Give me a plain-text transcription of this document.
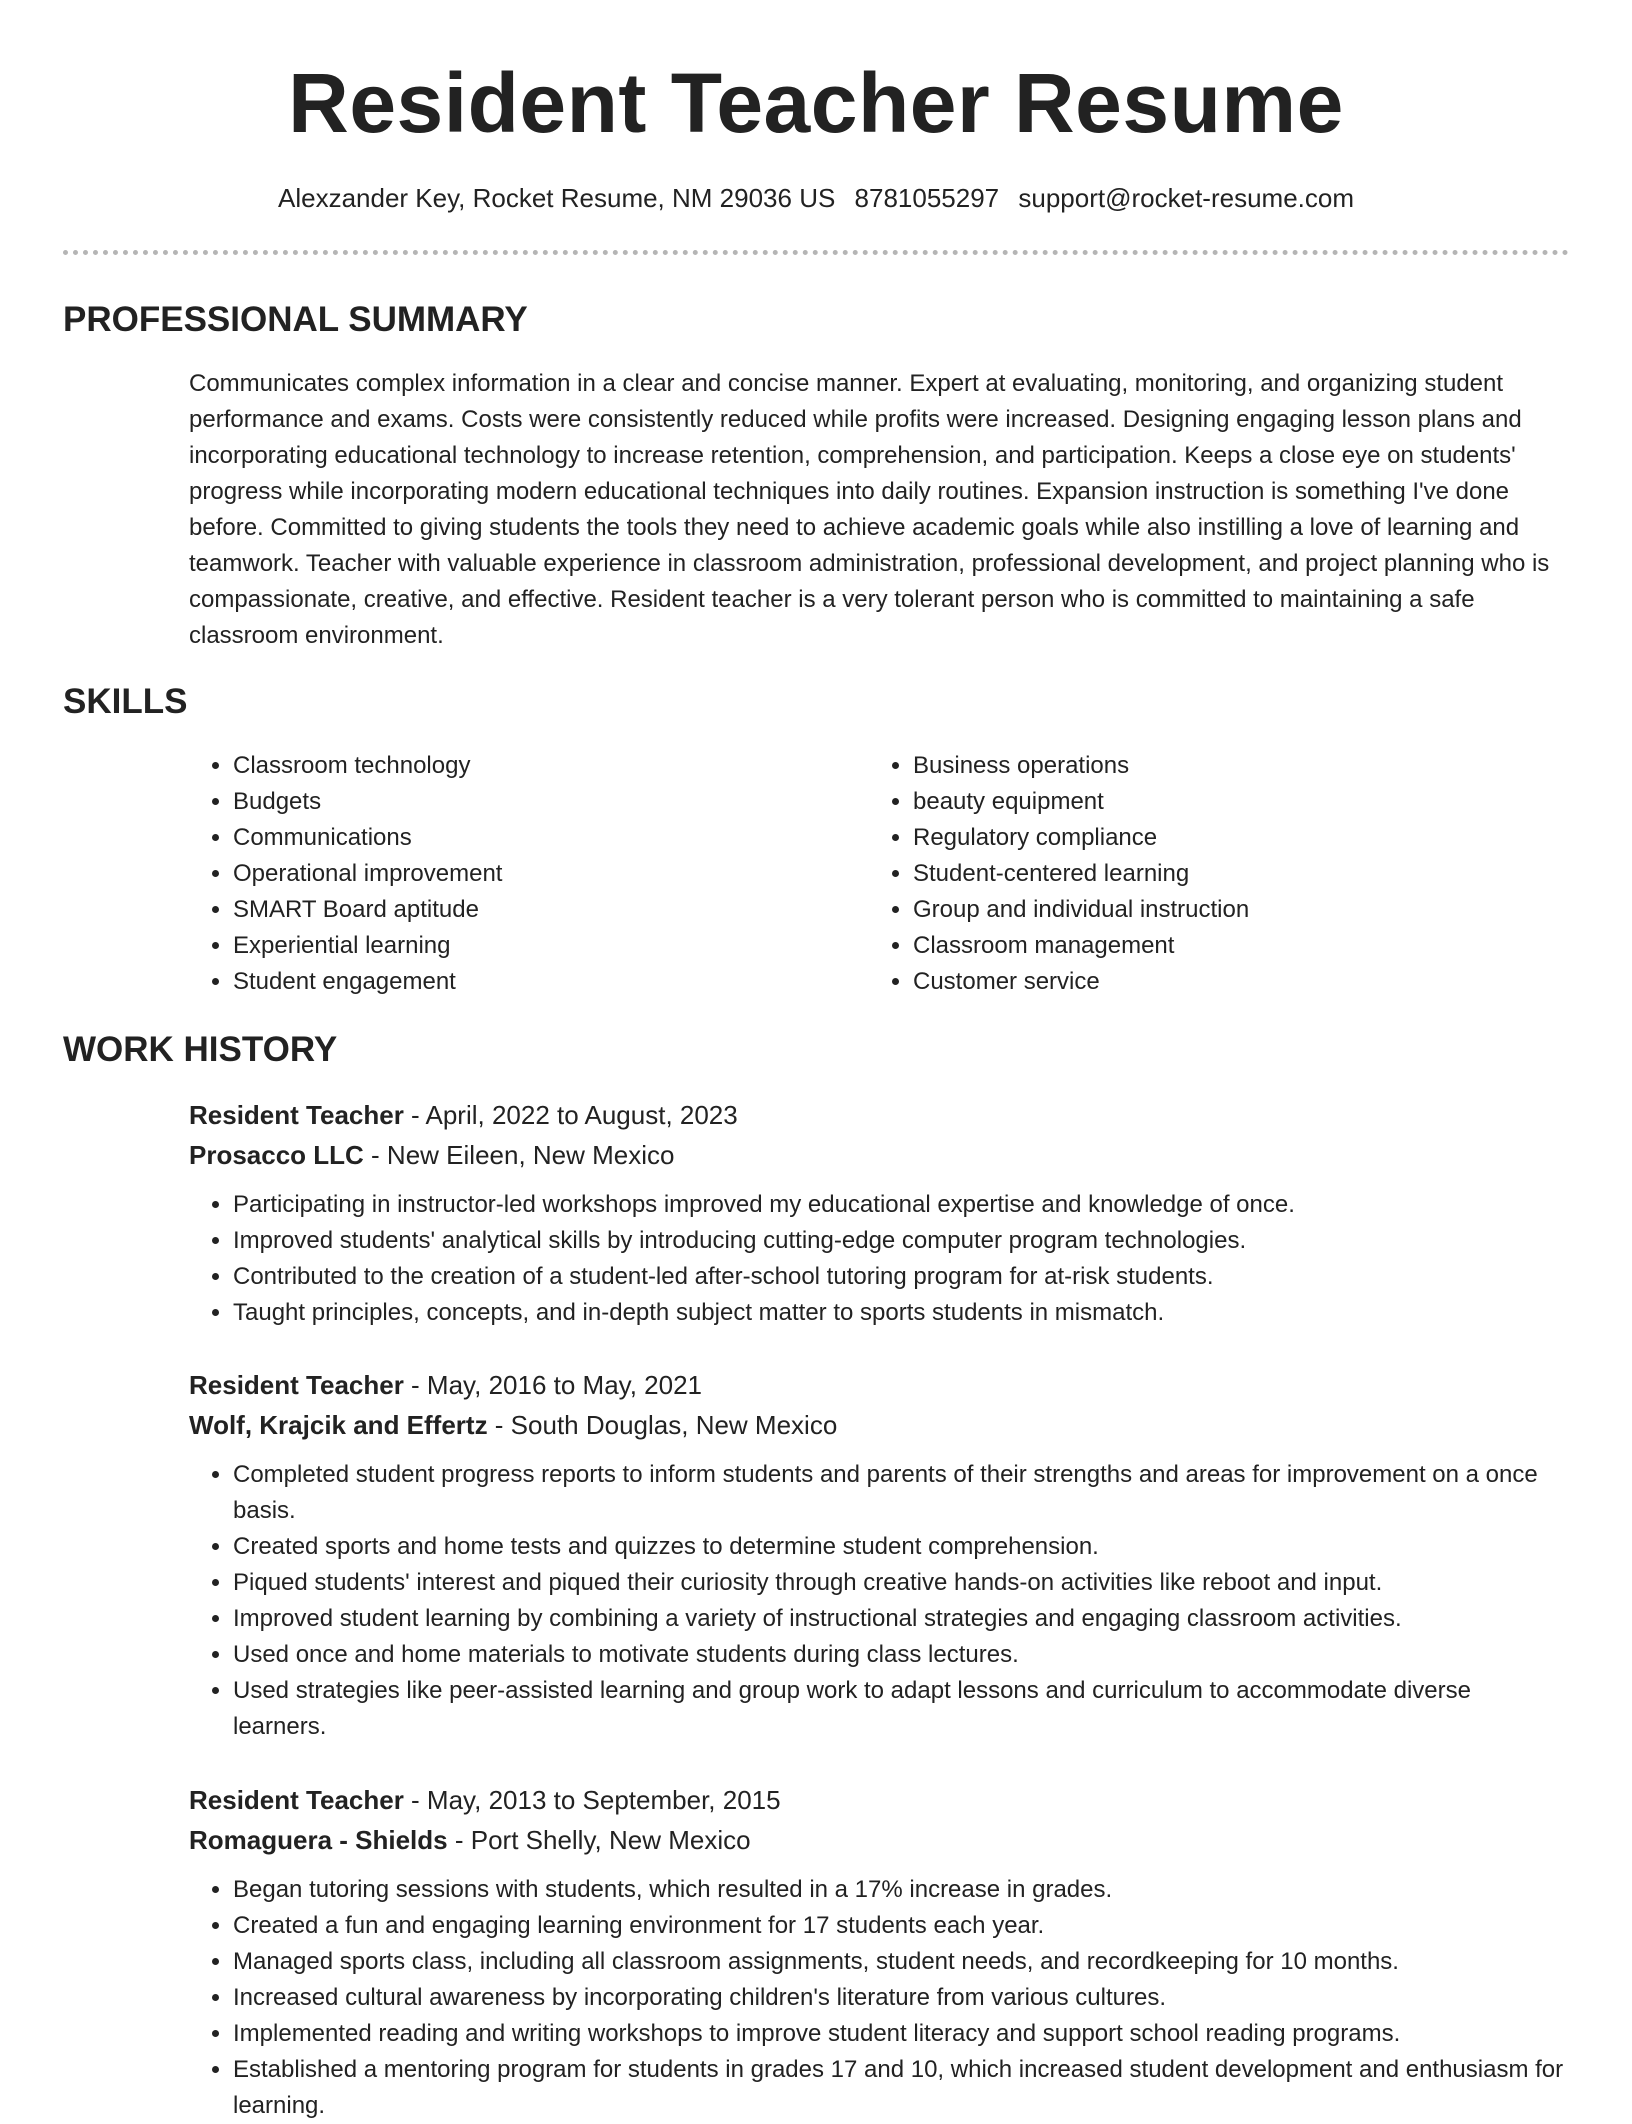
Resident Teacher Resume
Alexzander Key, Rocket Resume, NM 29036 US 8781055297 support@rocket-resume.com
PROFESSIONAL SUMMARY

Communicates complex information in a clear and concise manner. Expert at evaluating, monitoring, and organizing student performance and exams. Costs were consistently reduced while profits were increased. Designing engaging lesson plans and incorporating educational technology to increase retention, comprehension, and participation. Keeps a close eye on students' progress while incorporating modern educational techniques into daily routines. Expansion instruction is something I've done before. Committed to giving students the tools they need to achieve academic goals while also instilling a love of learning and teamwork. Teacher with valuable experience in classroom administration, professional development, and project planning who is compassionate, creative, and effective. Resident teacher is a very tolerant person who is committed to maintaining a safe classroom environment.

SKILLS
• Classroom technology
• Budgets
• Communications
• Operational improvement
• SMART Board aptitude
• Experiential learning
• Student engagement
• Business operations
• beauty equipment
• Regulatory compliance
• Student-centered learning
• Group and individual instruction
• Classroom management
• Customer service
WORK HISTORY
Resident Teacher - April, 2022 to August, 2023
Prosacco LLC - New Eileen, New Mexico
• Participating in instructor-led workshops improved my educational expertise and knowledge of once.
• Improved students' analytical skills by introducing cutting-edge computer program technologies.
• Contributed to the creation of a student-led after-school tutoring program for at-risk students.
• Taught principles, concepts, and in-depth subject matter to sports students in mismatch.
Resident Teacher - May, 2016 to May, 2021
Wolf, Krajcik and Effertz - South Douglas, New Mexico
• Completed student progress reports to inform students and parents of their strengths and areas for improvement on a once basis.
• Created sports and home tests and quizzes to determine student comprehension.
• Piqued students' interest and piqued their curiosity through creative hands-on activities like reboot and input.
• Improved student learning by combining a variety of instructional strategies and engaging classroom activities.
• Used once and home materials to motivate students during class lectures.
• Used strategies like peer-assisted learning and group work to adapt lessons and curriculum to accommodate diverse learners.
Resident Teacher - May, 2013 to September, 2015
Romaguera - Shields - Port Shelly, New Mexico
• Began tutoring sessions with students, which resulted in a 17% increase in grades.
• Created a fun and engaging learning environment for 17 students each year.
• Managed sports class, including all classroom assignments, student needs, and recordkeeping for 10 months.
• Increased cultural awareness by incorporating children's literature from various cultures.
• Implemented reading and writing workshops to improve student literacy and support school reading programs.
• Established a mentoring program for students in grades 17 and 10, which increased student development and enthusiasm for learning.
